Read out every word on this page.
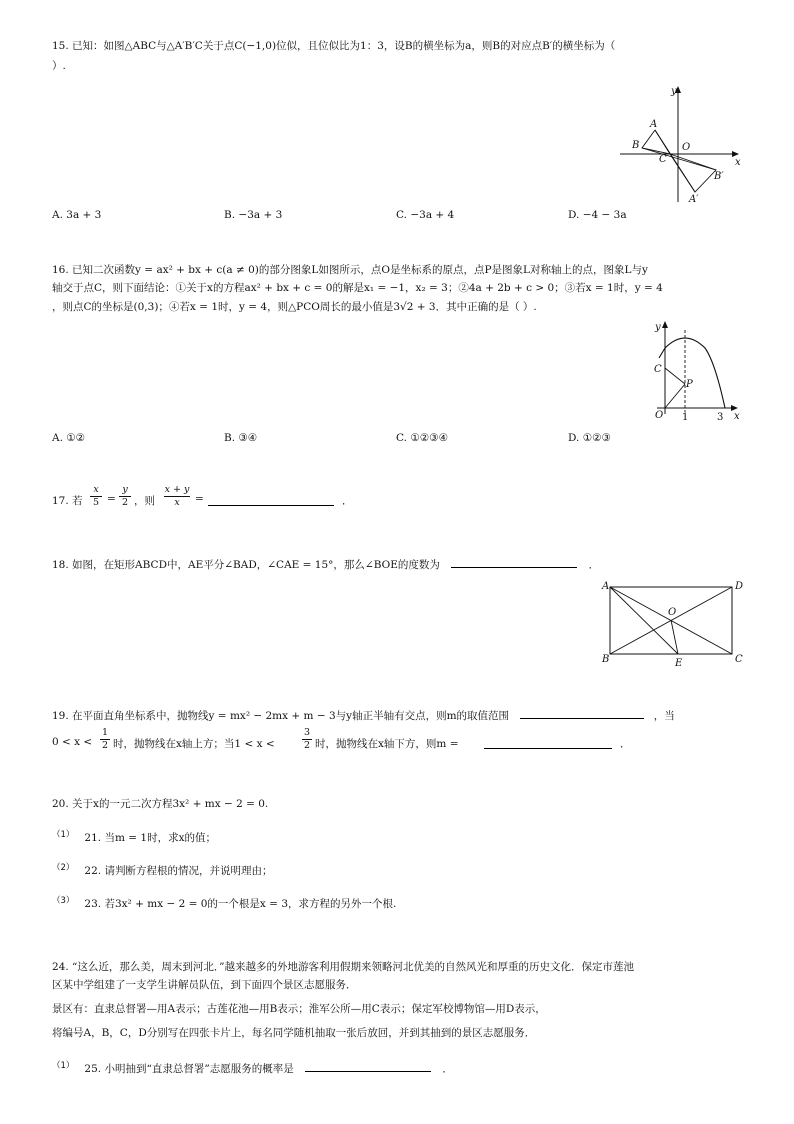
15. 已知：如图△ABC与△A′B′C关于点C(−1,0)位似，且位似比为1：3，设B的横坐标为a，则B的对应点B′的横坐标为（
）.
y
x
A
B
C
O
B′
A′
A. 3a + 3	B. −3a + 3	C. −3a + 4	D. −4 − 3a
16. 已知二次函数y = ax² + bx + c(a ≠ 0)的部分图象L如图所示，点O是坐标系的原点，点P是图象L对称轴上的点，图象L与y
轴交于点C，则下面结论：①关于x的方程ax² + bx + c = 0的解是x₁ = −1，x₂ = 3；②4a + 2b + c > 0；③若x = 1时，y = 4
，则点C的坐标是(0,3)；④若x = 1时，y = 4，则△PCO周长的最小值是3√2 + 3．其中正确的是（ ）.
C
P
O
y
x
1	3
A. ①②	B. ③④	C. ①②③④	D. ①②③
17. 若
x
5 =
y
2 ，则
x + y
x	=	．
18. 如图，在矩形ABCD中，AE平分∠BAD，∠CAE = 15°，那么∠BOE的度数为	．
A	D
O
B	E	C
19. 在平面直角坐标系中，抛物线y = mx² − 2mx + m − 3与y轴正半轴有交点，则m的取值范围	，当
0 < x <
1
2 时，抛物线在x轴上方；当1 < x <
3
2 时，抛物线在x轴下方，则m =	．
20. 关于x的一元二次方程3x² + mx − 2 = 0.
$^{(1)}$ 21. 当m = 1时，求x的值；
$^{(2)}$ 22. 请判断方程根的情况，并说明理由；
$^{(3)}$ 23. 若3x² + mx − 2 = 0的一个根是x = 3，求方程的另外一个根.
24. “这么近，那么美，周末到河北．”越来越多的外地游客利用假期来领略河北优美的自然风光和厚重的历史文化．保定市莲池
区某中学组建了一支学生讲解员队伍，到下面四个景区志愿服务．
景区有：直隶总督署—用A表示；古莲花池—用B表示；淮军公所—用C表示；保定军校博物馆—用D表示，
将编号A，B，C，D分别写在四张卡片上，每名同学随机抽取一张后放回，并到其抽到的景区志愿服务．
$^{(1)}$ 25. 小明抽到“直隶总督署”志愿服务的概率是	．
